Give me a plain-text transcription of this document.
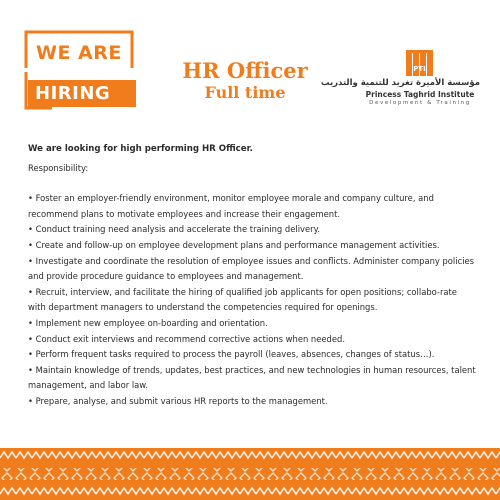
WE ARE
HIRING
HR Officer
Full time
PTI
مؤسسة الأميرة تغريد للتنمية والتدريب
Princess Taghrid Institute
Development & Training

We are looking for high performing HR Officer.

Responsibility:

• Foster an employer-friendly environment, monitor employee morale and company culture, and recommend plans to motivate employees and increase their engagement.

• Conduct training need analysis and accelerate the training delivery.

• Create and follow-up on employee development plans and performance management activities.

• Investigate and coordinate the resolution of employee issues and conflicts. Administer company policies and provide procedure guidance to employees and management.

• Recruit, interview, and facilitate the hiring of qualified job applicants for open positions; collabo-rate with department managers to understand the competencies required for openings.

• Implement new employee on-boarding and orientation.

• Conduct exit interviews and recommend corrective actions when needed.

• Perform frequent tasks required to process the payroll (leaves, absences, changes of status…).

• Maintain knowledge of trends, updates, best practices, and new technologies in human resources, talent management, and labor law.

• Prepare, analyse, and submit various HR reports to the management.
